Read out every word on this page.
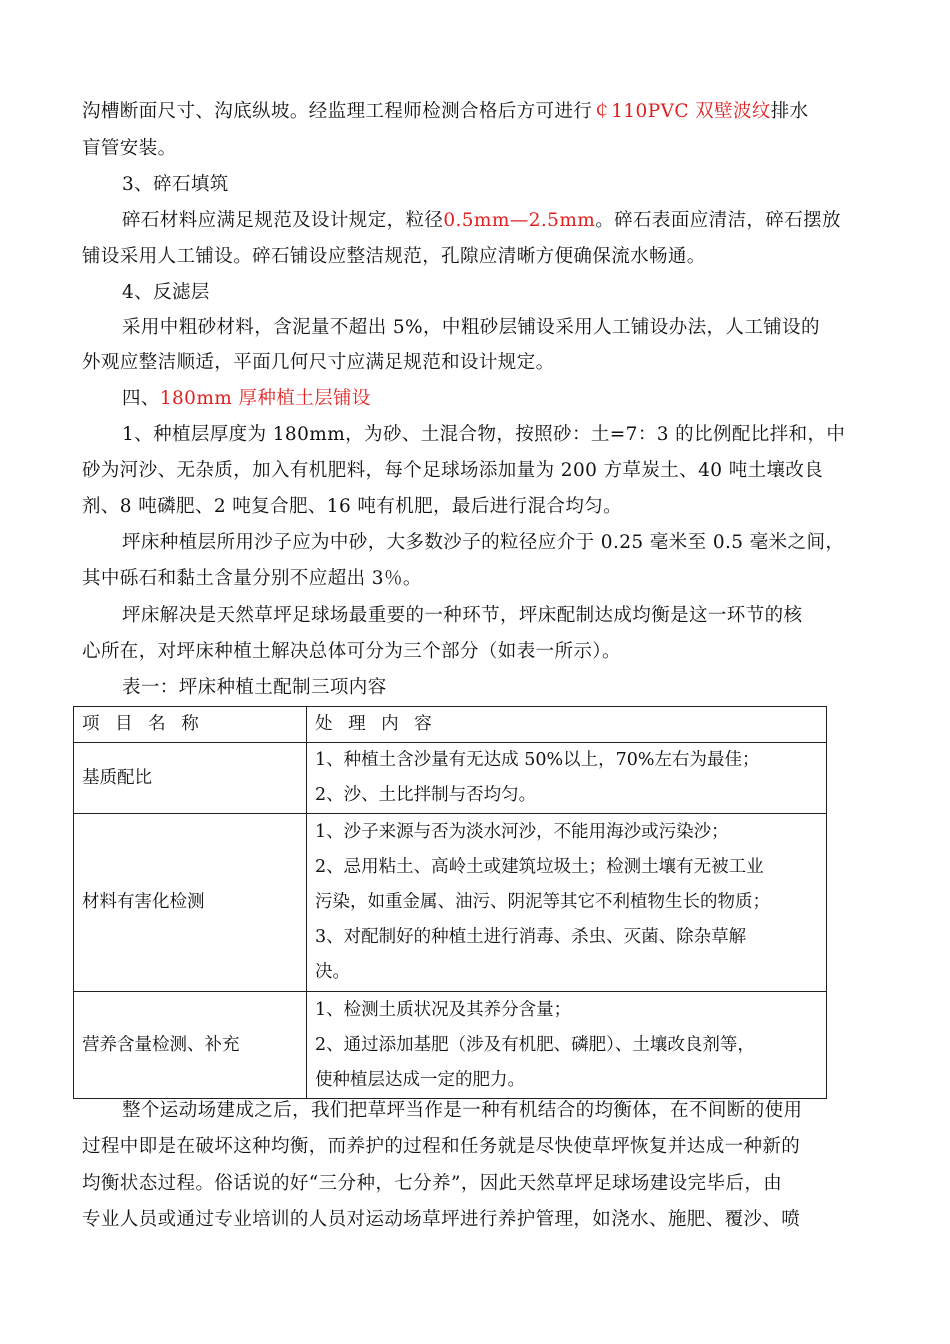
沟槽断面尺寸、沟底纵坡。经监理工程师检测合格后方可进行￠110PVC 双壁波纹排水
盲管安装。
3、碎石填筑
碎石材料应满足规范及设计规定，粒径0.5mm—2.5mm。碎石表面应清洁，碎石摆放
铺设采用人工铺设。碎石铺设应整洁规范，孔隙应清晰方便确保流水畅通。
4、反滤层
采用中粗砂材料，含泥量不超出 5%，中粗砂层铺设采用人工铺设办法，人工铺设的
外观应整洁顺适，平面几何尺寸应满足规范和设计规定。
四、180mm 厚种植土层铺设
1、种植层厚度为 180mm，为砂、土混合物，按照砂：土=7：3 的比例配比拌和，中
砂为河沙、无杂质，加入有机肥料，每个足球场添加量为 200 方草炭土、40 吨土壤改良
剂、8 吨磷肥、2 吨复合肥、16 吨有机肥，最后进行混合均匀。
坪床种植层所用沙子应为中砂，大多数沙子的粒径应介于 0.25 毫米至 0.5 毫米之间，
其中砾石和黏土含量分别不应超出 3％。
坪床解决是天然草坪足球场最重要的一种环节，坪床配制达成均衡是这一环节的核
心所在，对坪床种植土解决总体可分为三个部分（如表一所示）。
表一：坪床种植土配制三项内容
项 目 名 称	处 理 内 容
基质配比	1、种植土含沙量有无达成 50%以上，70%左右为最佳；
2、沙、土比拌制与否均匀。

材料有害化检测	1、沙子来源与否为淡水河沙，不能用海沙或污染沙；
2、忌用粘土、高岭土或建筑垃圾土；检测土壤有无被工业
污染，如重金属、油污、阴泥等其它不利植物生长的物质；
3、对配制好的种植土进行消毒、杀虫、灭菌、除杂草解
决。

营养含量检测、补充	1、检测土质状况及其养分含量；
2、通过添加基肥（涉及有机肥、磷肥）、土壤改良剂等，
使种植层达成一定的肥力。
整个运动场建成之后，我们把草坪当作是一种有机结合的均衡体，在不间断的使用
过程中即是在破坏这种均衡，而养护的过程和任务就是尽快使草坪恢复并达成一种新的
均衡状态过程。俗话说的好“三分种，七分养”，因此天然草坪足球场建设完毕后，由
专业人员或通过专业培训的人员对运动场草坪进行养护管理，如浇水、施肥、覆沙、喷
